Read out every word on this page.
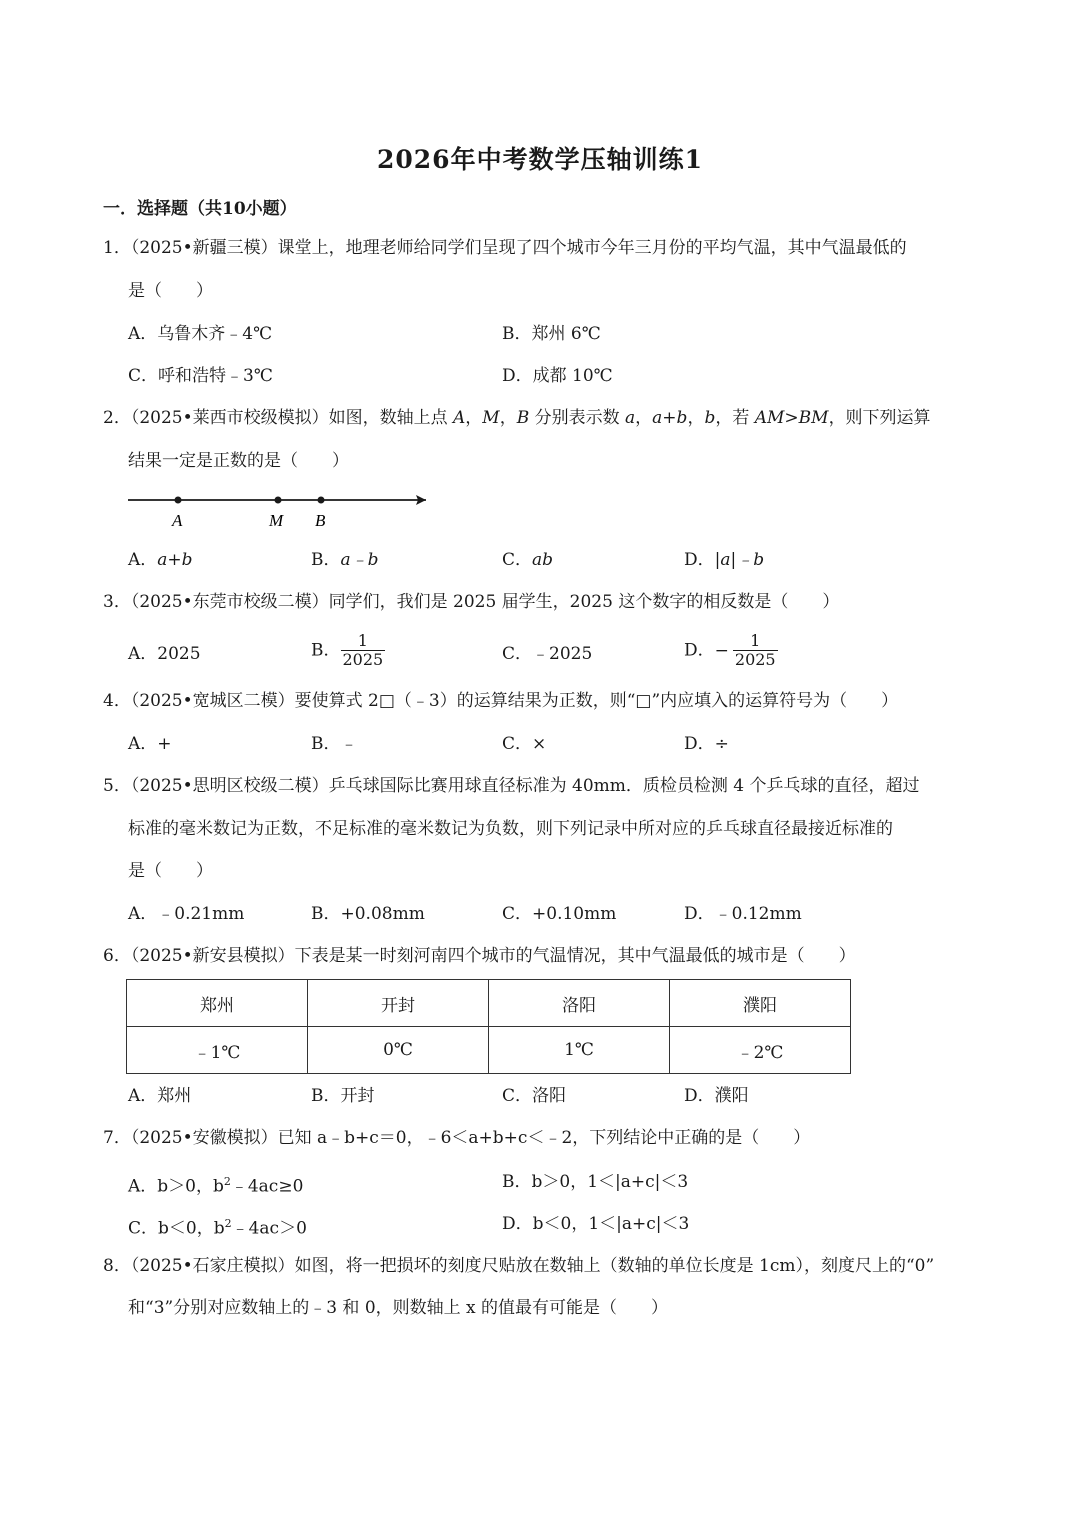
2026年中考数学压轴训练1
一．选择题（共10小题）
1．（2025•新疆三模）课堂上，地理老师给同学们呈现了四个城市今年三月份的平均气温，其中气温最低的
是（　　）
A．乌鲁木齐﹣4℃	B．郑州 6℃
C．呼和浩特﹣3℃	D．成都 10℃
2．（2025•莱西市校级模拟）如图，数轴上点 A，M，B 分别表示数 a，a+b，b，若 AM>BM，则下列运算
结果一定是正数的是（　　）
A	M B
A．a+b	B．a﹣b	C．ab	D．|a|﹣b
3．（2025•东莞市校级二模）同学们，我们是 2025 届学生，2025 这个数字的相反数是（　　）
A．2025	B． $\frac{1}{2025}$	C．﹣2025	D．− $\frac{1}{2025}$
4．（2025•宽城区二模）要使算式 2□（﹣3）的运算结果为正数，则“□”内应填入的运算符号为（　　）
A．+	B．﹣	C．×	D．÷
5．（2025•思明区校级二模）乒乓球国际比赛用球直径标准为 40mm．质检员检测 4 个乒乓球的直径，超过
标准的毫米数记为正数，不足标准的毫米数记为负数，则下列记录中所对应的乒乓球直径最接近标准的
是（　　）
A．﹣0.21mm	B．+0.08mm	C．+0.10mm	D．﹣0.12mm
6．（2025•新安县模拟）下表是某一时刻河南四个城市的气温情况，其中气温最低的城市是（　　）
郑州	开封	洛阳	濮阳
﹣1℃	0℃	1℃	﹣2℃
A．郑州	B．开封	C．洛阳	D．濮阳
7．（2025•安徽模拟）已知 a﹣b+c＝0，﹣6＜a+b+c＜﹣2，下列结论中正确的是（　　）
A．b＞0，$b^2﹣4ac\ge 0$	B．b＞0，1＜|a+c|＜3
C．b＜0，$b^2﹣4ac>0$	D．b＜0，1＜|a+c|＜3
8．（2025•石家庄模拟）如图，将一把损坏的刻度尺贴放在数轴上（数轴的单位长度是 1cm），刻度尺上的“0”
和“3”分别对应数轴上的﹣3 和 0，则数轴上 x 的值最有可能是（　　）
